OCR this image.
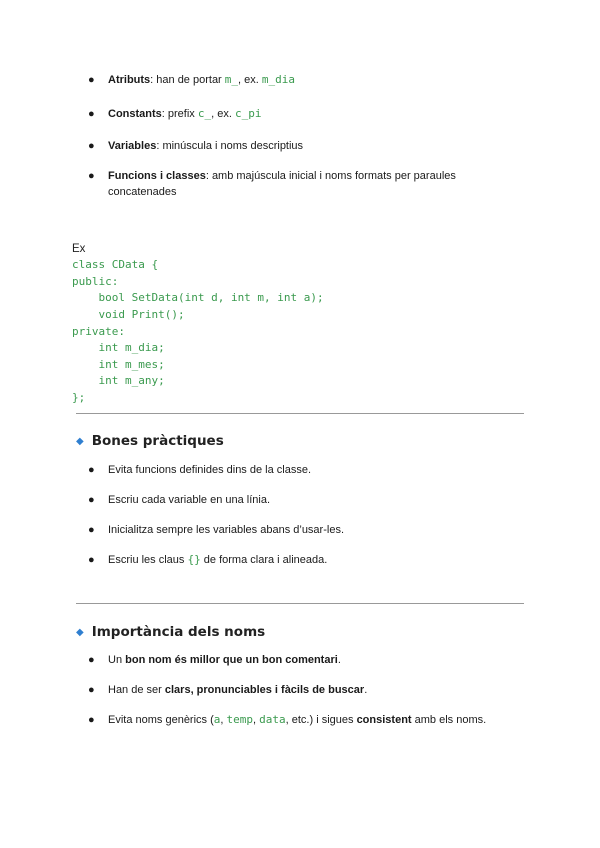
● Atributs: han de portar m_, ex. m_dia
● Constants: prefix c_, ex. c_pi
● Variables: minúscula i noms descriptius
● Funcions i classes: amb majúscula inicial i noms formats per paraules concatenades

Ex
class CData {
public:
bool SetData(int d, int m, int a);
void Print();
private:
int m_dia;
int m_mes;
int m_any;
};

◆ Bones pràctiques
● Evita funcions definides dins de la classe.
● Escriu cada variable en una línia.
● Inicialitza sempre les variables abans d’usar-les.
● Escriu les claus {} de forma clara i alineada.
◆ Importància dels noms
● Un bon nom és millor que un bon comentari.
● Han de ser clars, pronunciables i fàcils de buscar.
● Evita noms genèrics (a, temp, data, etc.) i sigues consistent amb els noms.
